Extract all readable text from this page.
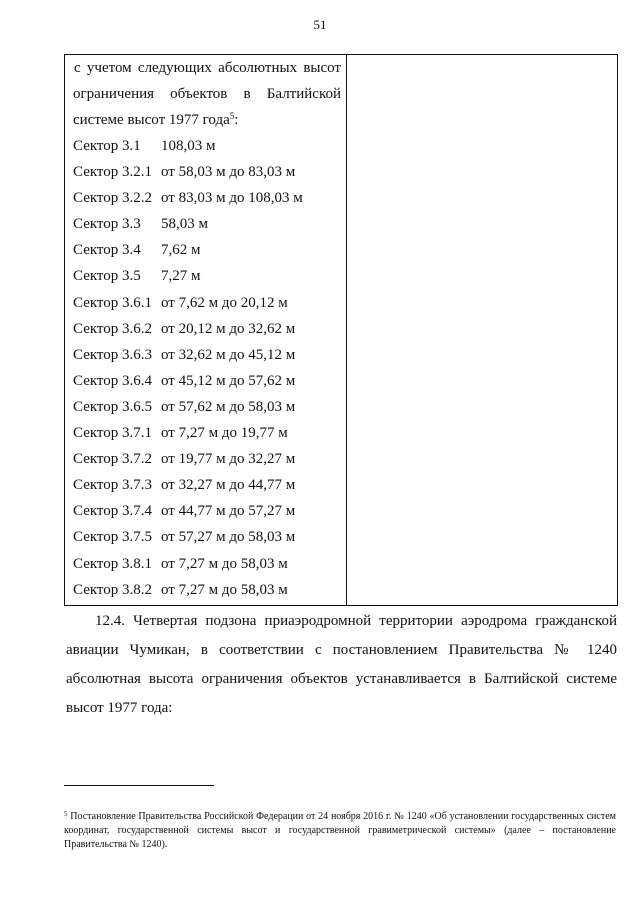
51
с учетом следующих абсолютных высот
ограничения объектов в Балтийской
системе высот 1977 года$^5$:
Сектор 3.1 108,03 м
Сектор 3.2.1 от 58,03 м до 83,03 м
Сектор 3.2.2 от 83,03 м до 108,03 м
Сектор 3.3 58,03 м
Сектор 3.4 7,62 м
Сектор 3.5 7,27 м
Сектор 3.6.1 от 7,62 м до 20,12 м
Сектор 3.6.2 от 20,12 м до 32,62 м
Сектор 3.6.3 от 32,62 м до 45,12 м
Сектор 3.6.4 от 45,12 м до 57,62 м
Сектор 3.6.5 от 57,62 м до 58,03 м
Сектор 3.7.1 от 7,27 м до 19,77 м
Сектор 3.7.2 от 19,77 м до 32,27 м
Сектор 3.7.3 от 32,27 м до 44,77 м
Сектор 3.7.4 от 44,77 м до 57,27 м
Сектор 3.7.5 от 57,27 м до 58,03 м
Сектор 3.8.1 от 7,27 м до 58,03 м
Сектор 3.8.2 от 7,27 м до 58,03 м
12.4. Четвертая подзона приаэродромной территории аэродрома гражданской авиации Чумикан, в соответствии с постановлением Правительства № 1240 абсолютная высота ограничения объектов устанавливается в Балтийской системе высот 1977 года:
$^5$ Постановление Правительства Российской Федерации от 24 ноября 2016 г. № 1240 «Об установлении государственных систем координат, государственной системы высот и государственной гравиметрической системы» (далее – постановление Правительства № 1240).
